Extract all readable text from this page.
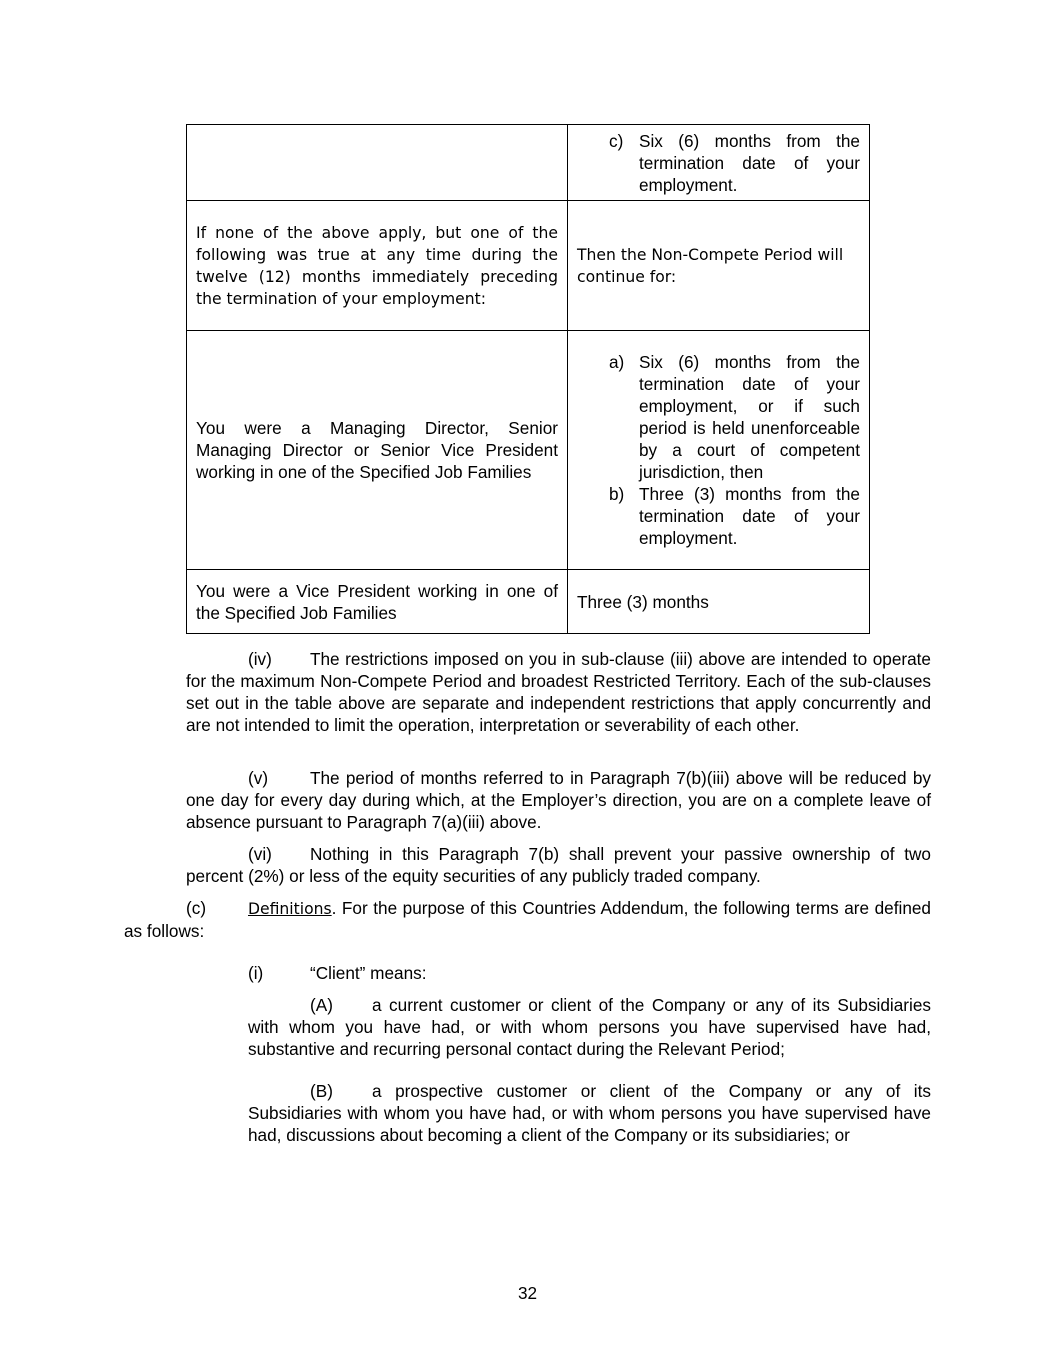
	c) Six (6) months from the termination date of your employment.

If none of the above apply, but one of the following was true at any time during the twelve (12) months immediately preceding the termination of your employment:	Then the Non-Compete Period will continue for:
You were a Managing Director, Senior Managing Director or Senior Vice President working in one of the Specified Job Families	a) Six (6) months from the termination date of your employment, or if such period is held unenforceable by a court of competent jurisdiction, then
b) Three (3) months from the termination date of your employment.

You were a Vice President working in one of the Specified Job Families	Three (3) months

(iv) The restrictions imposed on you in sub-clause (iii) above are intended to operate for the maximum Non-Compete Period and broadest Restricted Territory. Each of the sub-clauses set out in the table above are separate and independent restrictions that apply concurrently and are not intended to limit the operation, interpretation or severability of each other.

(v) The period of months referred to in Paragraph 7(b)(iii) above will be reduced by one day for every day during which, at the Employer’s direction, you are on a complete leave of absence pursuant to Paragraph 7(a)(iii) above.

(vi) Nothing in this Paragraph 7(b) shall prevent your passive ownership of two percent (2%) or less of the equity securities of any publicly traded company.

(c)	Definitions. For the purpose of this Countries Addendum, the following terms are defined as follows:

(i)	“Client” means:

(A) a current customer or client of the Company or any of its Subsidiaries with whom you have had, or with whom persons you have supervised have had, substantive and recurring personal contact during the Relevant Period;

(B) a prospective customer or client of the Company or any of its Subsidiaries with whom you have had, or with whom persons you have supervised have had, discussions about becoming a client of the Company or its subsidiaries; or

32
